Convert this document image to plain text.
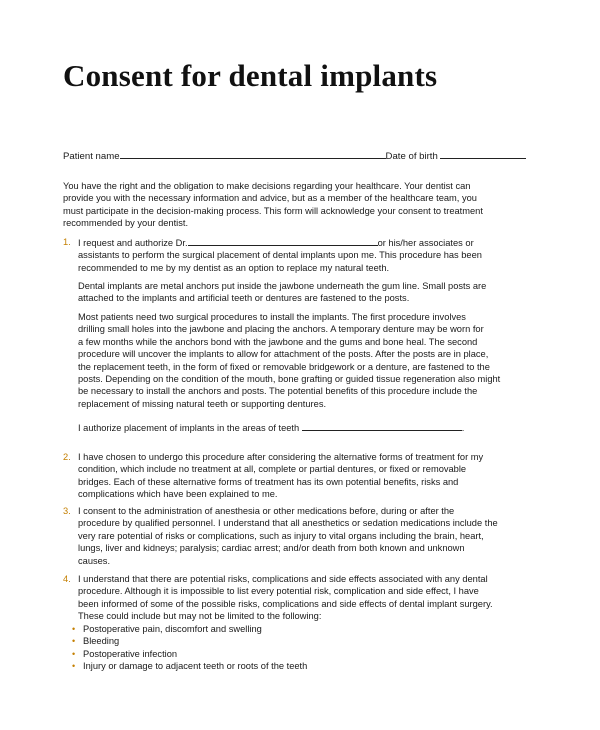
Consent for dental implants
Patient name	Date of birth
You have the right and the obligation to make decisions regarding your healthcare. Your dentist can
provide you with the necessary information and advice, but as a member of the healthcare team, you
must participate in the decision-making process. This form will acknowledge your consent to treatment
recommended by your dentist.
1. I request and authorize Dr.	or his/her associates or
assistants to perform the surgical placement of dental implants upon me. This procedure has been
recommended to me by my dentist as an option to replace my natural teeth.
Dental implants are metal anchors put inside the jawbone underneath the gum line. Small posts are
attached to the implants and artificial teeth or dentures are fastened to the posts.
Most patients need two surgical procedures to install the implants. The first procedure involves
drilling small holes into the jawbone and placing the anchors. A temporary denture may be worn for
a few months while the anchors bond with the jawbone and the gums and bone heal. The second
procedure will uncover the implants to allow for attachment of the posts. After the posts are in place,
the replacement teeth, in the form of fixed or removable bridgework or a denture, are fastened to the
posts. Depending on the condition of the mouth, bone grafting or guided tissue regeneration also might
be necessary to install the anchors and posts. The potential benefits of this procedure include the
replacement of missing natural teeth or supporting dentures.
I authorize placement of implants in the areas of teeth	.
2. I have chosen to undergo this procedure after considering the alternative forms of treatment for my
condition, which include no treatment at all, complete or partial dentures, or fixed or removable
bridges. Each of these alternative forms of treatment has its own potential benefits, risks and
complications which have been explained to me.
3. I consent to the administration of anesthesia or other medications before, during or after the
procedure by qualified personnel. I understand that all anesthetics or sedation medications include the
very rare potential of risks or complications, such as injury to vital organs including the brain, heart,
lungs, liver and kidneys; paralysis; cardiac arrest; and/or death from both known and unknown
causes.
4. I understand that there are potential risks, complications and side effects associated with any dental
procedure. Although it is impossible to list every potential risk, complication and side effect, I have
been informed of some of the possible risks, complications and side effects of dental implant surgery.
These could include but may not be limited to the following:
• Postoperative pain, discomfort and swelling
• Bleeding
• Postoperative infection
• Injury or damage to adjacent teeth or roots of the teeth
